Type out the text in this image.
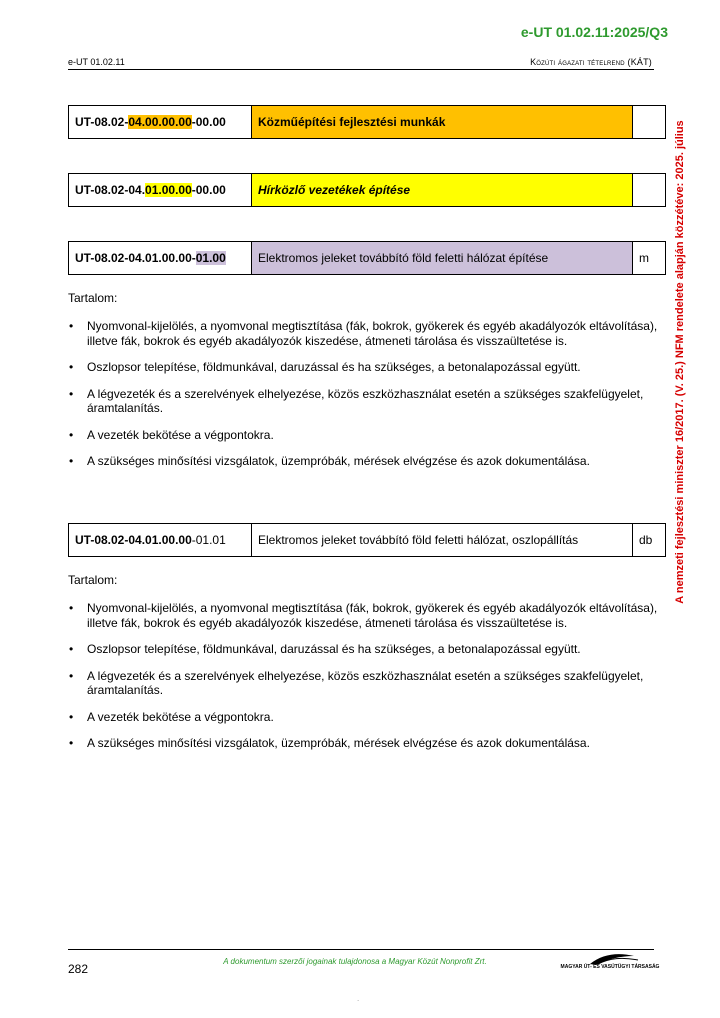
e-UT 01.02.11:2025/Q3
e-UT 01.02.11	Közúti ágazati tételrend (KÁT)
A nemzeti fejlesztési miniszter 16/2017. (V. 25.) NFM rendelete alapján közzétéve: 2025. július
UT-08.02-04.00.00.00-00.00	Közműépítési fejlesztési munkák	
UT-08.02-04.01.00.00-00.00	Hírközlő vezetékek építése	
UT-08.02-04.01.00.00-01.00	Elektromos jeleket továbbító föld feletti hálózat építése	m
Tartalom:
• Nyomvonal-kijelölés, a nyomvonal megtisztítása (fák, bokrok, gyökerek és egyéb akadályozók eltávolítása), illetve fák, bokrok és egyéb akadályozók kiszedése, átmeneti tárolása és visszaültetése is.
• Oszlopsor telepítése, földmunkával, daruzással és ha szükséges, a betonalapozással együtt.
• A légvezeték és a szerelvények elhelyezése, közös eszközhasználat esetén a szükséges szakfelügyelet, áramtalanítás.
• A vezeték bekötése a végpontokra.
• A szükséges minősítési vizsgálatok, üzempróbák, mérések elvégzése és azok dokumentálása.
UT-08.02-04.01.00.00-01.01	Elektromos jeleket továbbító föld feletti hálózat, oszlopállítás	db
Tartalom:
• Nyomvonal-kijelölés, a nyomvonal megtisztítása (fák, bokrok, gyökerek és egyéb akadályozók eltávolítása), illetve fák, bokrok és egyéb akadályozók kiszedése, átmeneti tárolása és visszaültetése is.
• Oszlopsor telepítése, földmunkával, daruzással és ha szükséges, a betonalapozással együtt.
• A légvezeték és a szerelvények elhelyezése, közös eszközhasználat esetén a szükséges szakfelügyelet, áramtalanítás.
• A vezeték bekötése a végpontokra.
• A szükséges minősítési vizsgálatok, üzempróbák, mérések elvégzése és azok dokumentálása.
282
A dokumentum szerzői jogainak tulajdonosa a Magyar Közút Nonprofit Zrt.
MAGYAR ÚT- ÉS VASÚTÜGYI TÁRSASÁG
.
